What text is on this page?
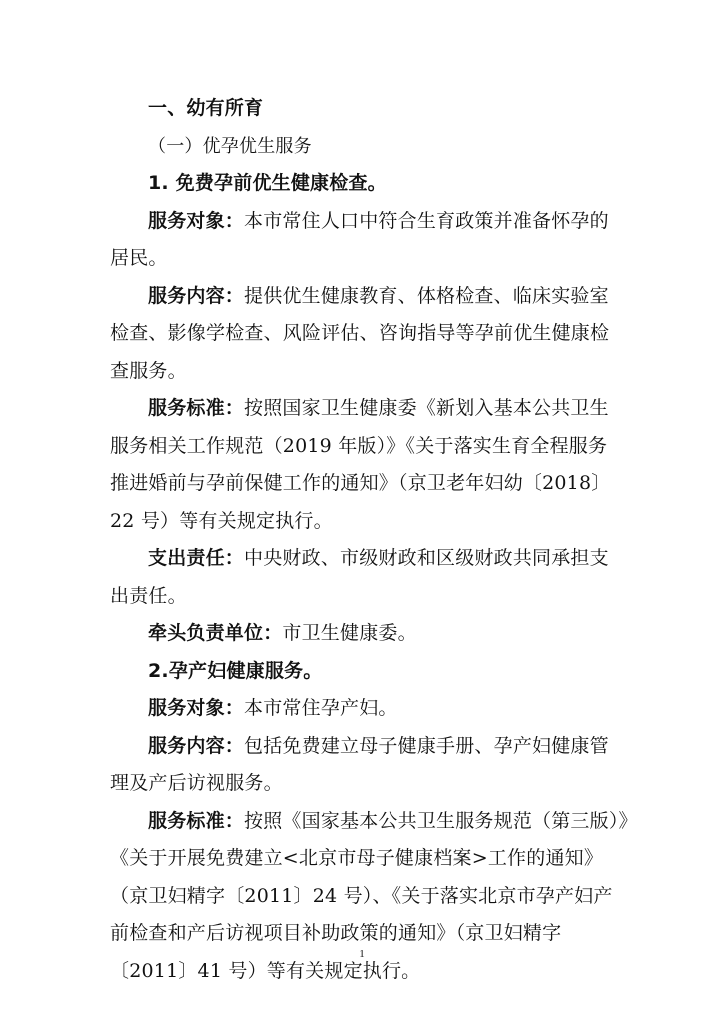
一、幼有所育
（一）优孕优生服务
1. 免费孕前优生健康检查。
服务对象：本市常住人口中符合生育政策并准备怀孕的
居民。
服务内容：提供优生健康教育、体格检查、临床实验室
检查、影像学检查、风险评估、咨询指导等孕前优生健康检
查服务。
服务标准：按照国家卫生健康委《新划入基本公共卫生
服务相关工作规范（2019 年版）》《关于落实生育全程服务
推进婚前与孕前保健工作的通知》（京卫老年妇幼〔2018〕
22 号）等有关规定执行。
支出责任：中央财政、市级财政和区级财政共同承担支
出责任。
牵头负责单位：市卫生健康委。
2.孕产妇健康服务。
服务对象：本市常住孕产妇。
服务内容：包括免费建立母子健康手册、孕产妇健康管
理及产后访视服务。
服务标准：按照《国家基本公共卫生服务规范（第三版）》
《关于开展免费建立<北京市母子健康档案>工作的通知》
（京卫妇精字〔2011〕24 号）、《关于落实北京市孕产妇产
前检查和产后访视项目补助政策的通知》（京卫妇精字
〔2011〕41 号）等有关规定执行。
1
